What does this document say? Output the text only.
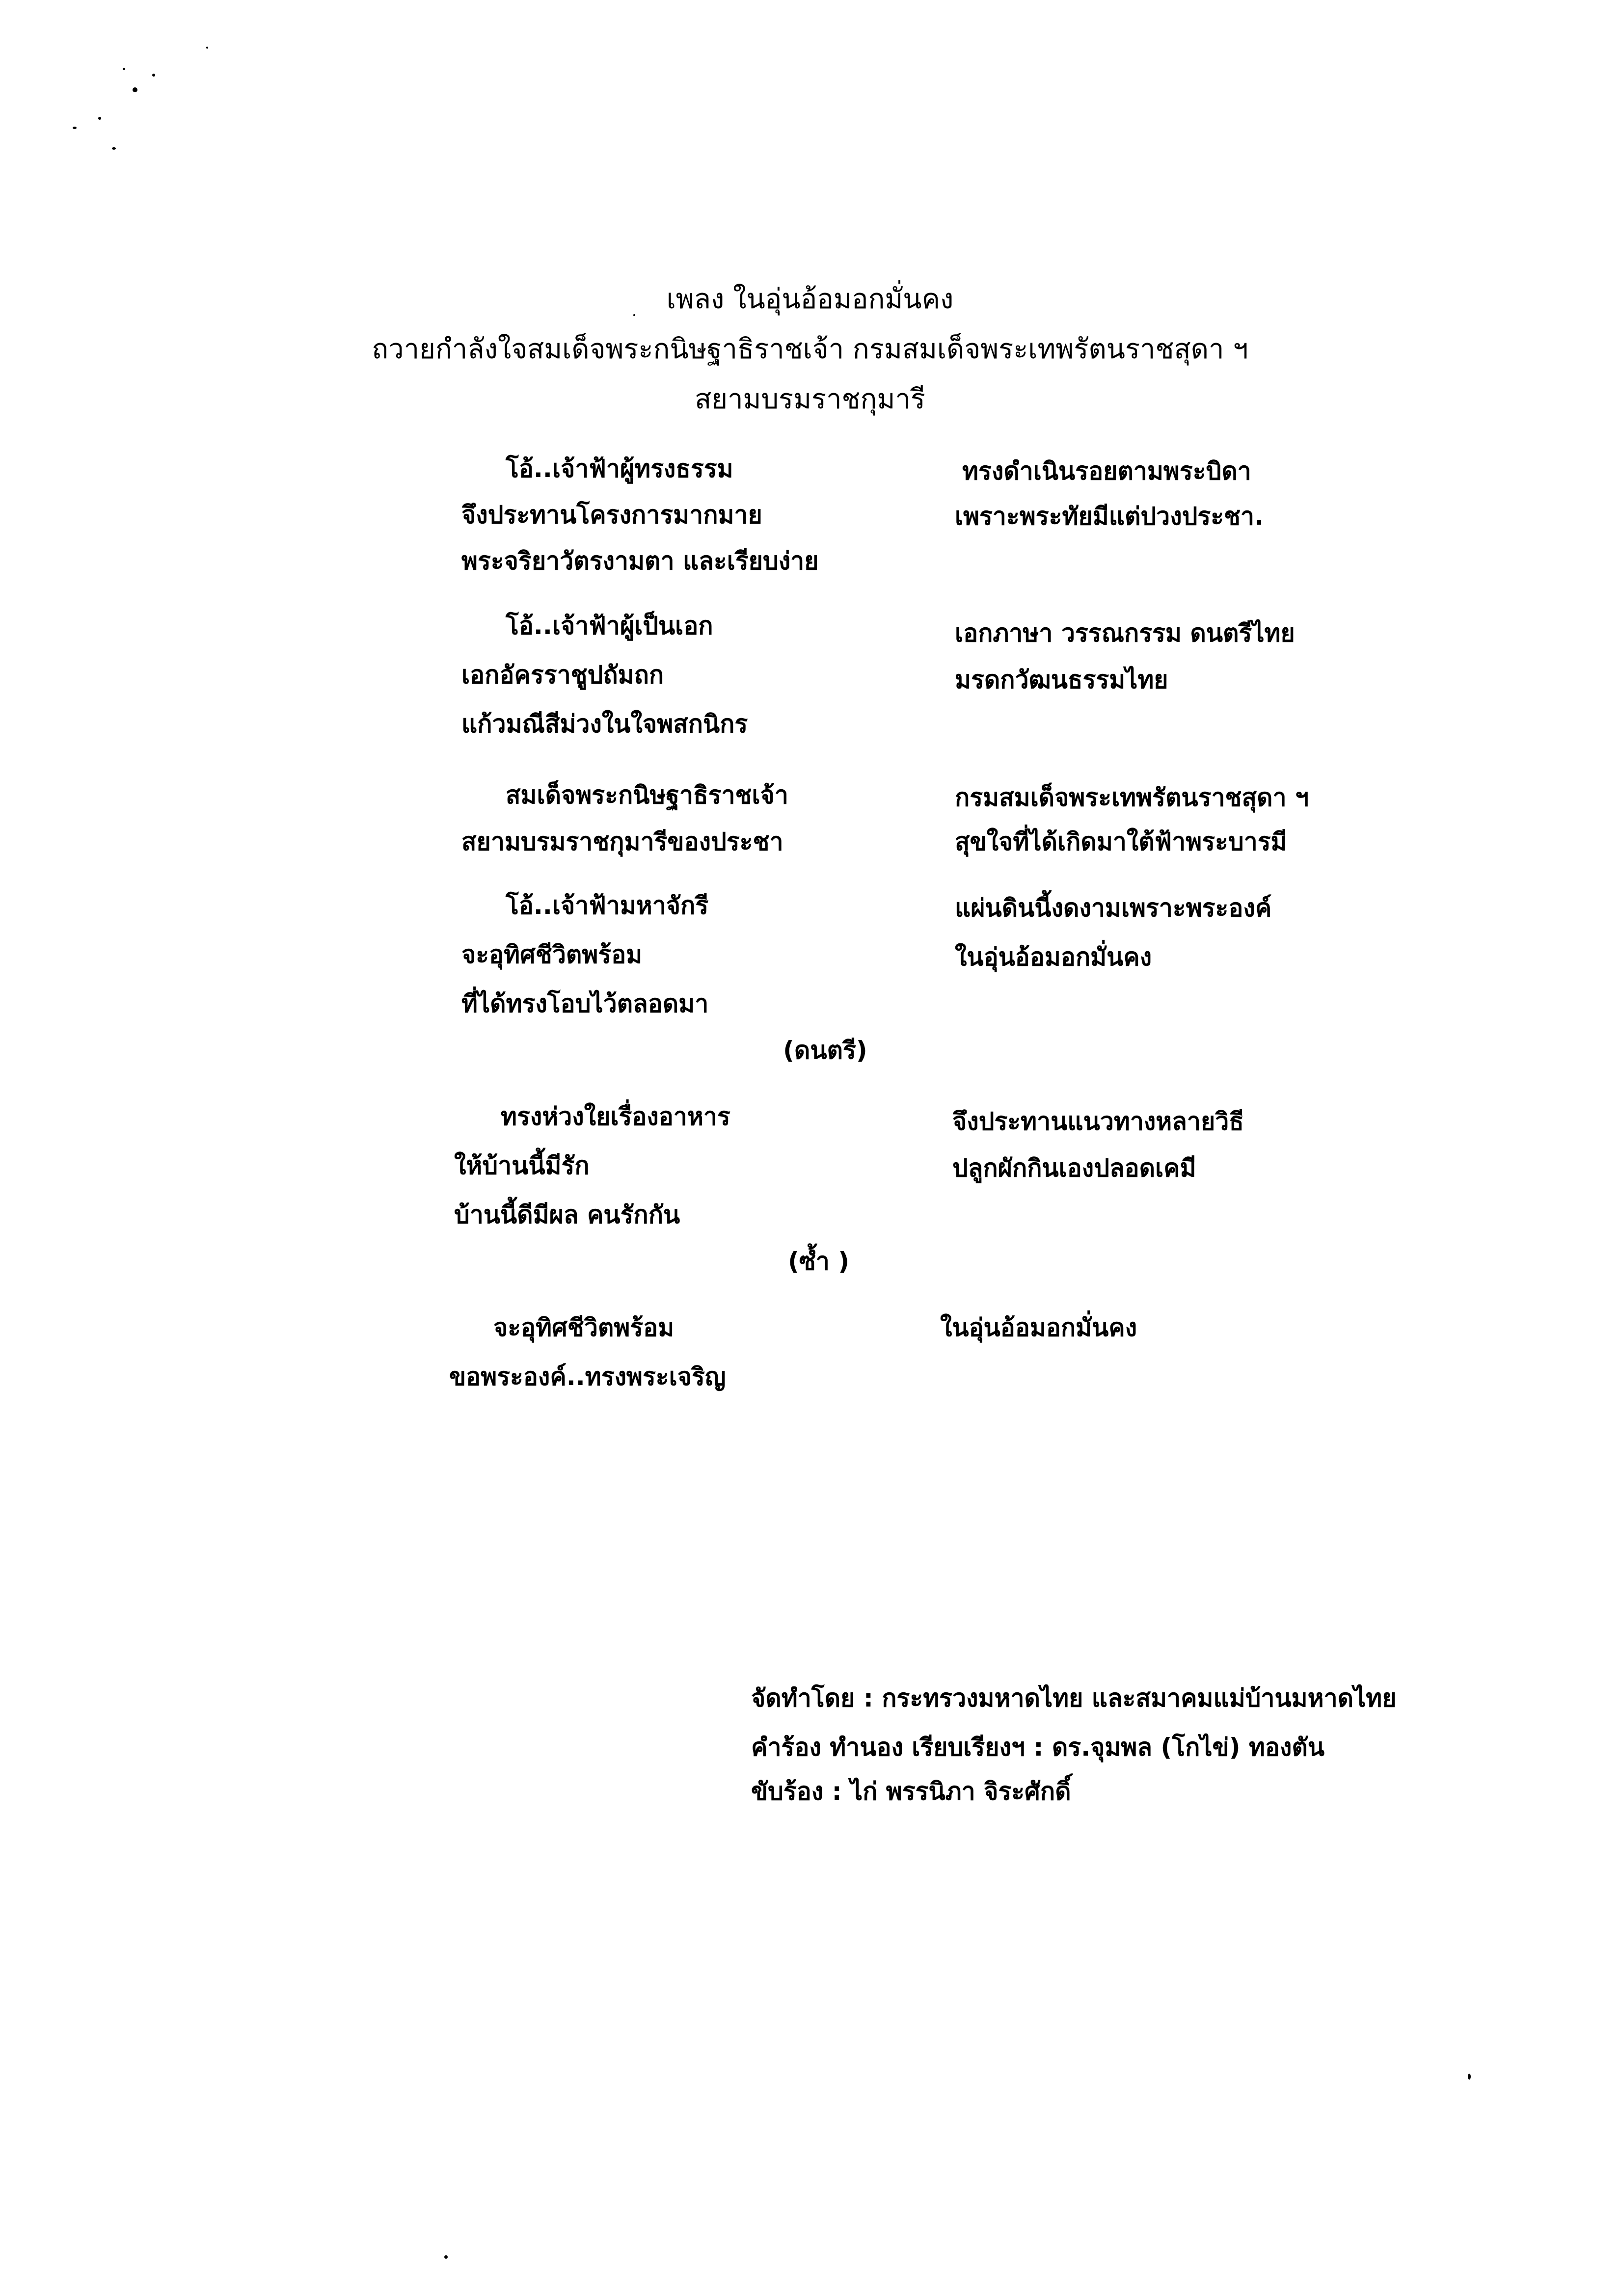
เพลง ในอุ่นอ้อมอกมั่นคง
ถวายกำลังใจสมเด็จพระกนิษฐาธิราชเจ้า กรมสมเด็จพระเทพรัตนราชสุดา ฯ
สยามบรมราชกุมารี
โอ้..เจ้าฟ้าผู้ทรงธรรม
จึงประทานโครงการมากมาย
พระจริยาวัตรงามตา และเรียบง่าย
ทรงดำเนินรอยตามพระบิดา
เพราะพระทัยมีแต่ปวงประชา.
โอ้..เจ้าฟ้าผู้เป็นเอก
เอกอัครราชูปถัมถก
แก้วมณีสีม่วงในใจพสกนิกร
เอกภาษา วรรณกรรม ดนตรีไทย
มรดกวัฒนธรรมไทย
สมเด็จพระกนิษฐาธิราชเจ้า
สยามบรมราชกุมารีของประชา
กรมสมเด็จพระเทพรัตนราชสุดา ฯ
สุขใจที่ได้เกิดมาใต้ฟ้าพระบารมี
โอ้..เจ้าฟ้ามหาจักรี
จะอุทิศชีวิตพร้อม
ที่ได้ทรงโอบไว้ตลอดมา
แผ่นดินนี้งดงามเพราะพระองค์
ในอุ่นอ้อมอกมั่นคง
(ดนตรี)
ทรงห่วงใยเรื่องอาหาร
ให้บ้านนี้มีรัก
บ้านนี้ดีมีผล คนรักกัน
จึงประทานแนวทางหลายวิธี
ปลูกผักกินเองปลอดเคมี
(ซ้ำ )
จะอุทิศชีวิตพร้อม
ขอพระองค์..ทรงพระเจริญ
ในอุ่นอ้อมอกมั่นคง
จัดทำโดย : กระทรวงมหาดไทย และสมาคมแม่บ้านมหาดไทย
คำร้อง ทำนอง เรียบเรียงฯ : ดร.จุมพล (โกไข่) ทองตัน
ขับร้อง : ไก่ พรรนิภา จิระศักดิ์
